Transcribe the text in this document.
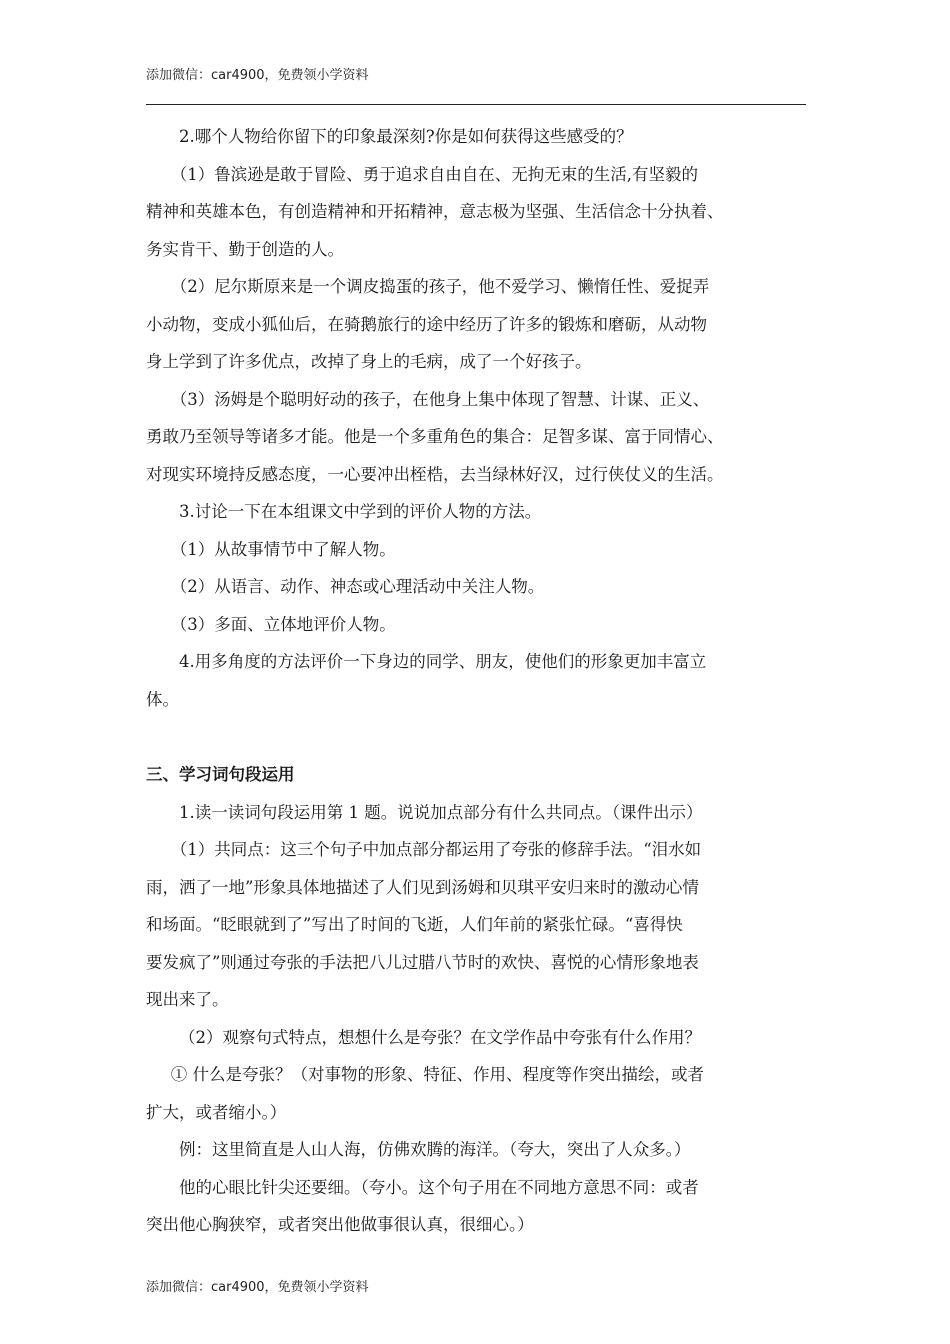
添加微信：car4900，免费领小学资料

2.哪个人物给你留下的印象最深刻?你是如何获得这些感受的？

（1）鲁滨逊是敢于冒险、勇于追求自由自在、无拘无束的生活,有坚毅的
精神和英雄本色，有创造精神和开拓精神，意志极为坚强、生活信念十分执着、
务实肯干、勤于创造的人。

（2）尼尔斯原来是一个调皮捣蛋的孩子，他不爱学习、懒惰任性、爱捉弄
小动物，变成小狐仙后，在骑鹅旅行的途中经历了许多的锻炼和磨砺，从动物
身上学到了许多优点，改掉了身上的毛病，成了一个好孩子。

（3）汤姆是个聪明好动的孩子，在他身上集中体现了智慧、计谋、正义、
勇敢乃至领导等诸多才能。他是一个多重角色的集合：足智多谋、富于同情心、
对现实环境持反感态度，一心要冲出桎梏，去当绿林好汉，过行侠仗义的生活。

3.讨论一下在本组课文中学到的评价人物的方法。

（1）从故事情节中了解人物。

（2）从语言、动作、神态或心理活动中关注人物。

（3）多面、立体地评价人物。

4.用多角度的方法评价一下身边的同学、朋友，使他们的形象更加丰富立
体。

三、学习词句段运用

1.读一读词句段运用第 1 题。说说加点部分有什么共同点。（课件出示）

（1）共同点：这三个句子中加点部分都运用了夸张的修辞手法。“泪水如
雨，洒了一地”形象具体地描述了人们见到汤姆和贝琪平安归来时的激动心情
和场面。“眨眼就到了”写出了时间的飞逝，人们年前的紧张忙碌。“喜得快
要发疯了”则通过夸张的手法把八儿过腊八节时的欢快、喜悦的心情形象地表
现出来了。

（2）观察句式特点，想想什么是夸张？在文学作品中夸张有什么作用？

① 什么是夸张？（对事物的形象、特征、作用、程度等作突出描绘，或者
扩大，或者缩小。）

例：这里简直是人山人海，仿佛欢腾的海洋。（夸大，突出了人众多。）

他的心眼比针尖还要细。（夸小。这个句子用在不同地方意思不同：或者
突出他心胸狭窄，或者突出他做事很认真，很细心。）

添加微信：car4900，免费领小学资料
